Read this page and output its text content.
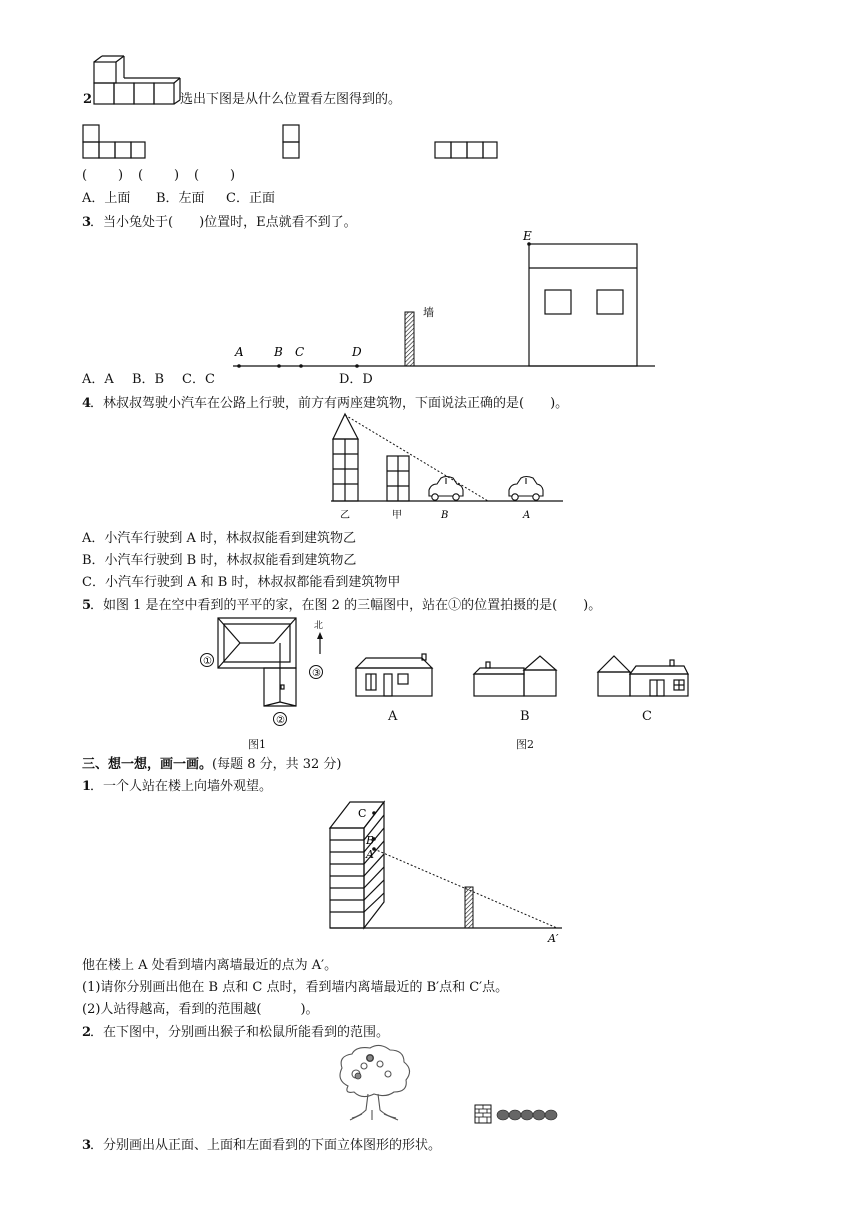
2	选出下图是从什么位置看左图得到的。
( ) ( ) ( )
A．上面 B．左面 C．正面
3
．当小兔处于(　　)位置时，E点就看不到了。
E
墙
A	B C	D
A．A B．B C．C	D．D
4
．林叔叔驾驶小汽车在公路上行驶，前方有两座建筑物，下面说法正确的是(　　)。
乙	甲	B	A
A．小汽车行驶到 A 时，林叔叔能看到建筑物乙
B．小汽车行驶到 B 时，林叔叔能看到建筑物乙
C．小汽车行驶到 A 和 B 时，林叔叔都能看到建筑物甲
5
．如图 1 是在空中看到的平平的家，在图 2 的三幅图中，站在①的位置拍摄的是(　　)。
①
②
③
北
A	B	C
图1	图2
三、想一想，画一画。(每题 8 分，共 32 分)
1
．一个人站在楼上向墙外观望。
C
B
A
A′
他在楼上 A 处看到墙内离墙最近的点为 A′。
(1)请你分别画出他在 B 点和 C 点时，看到墙内离墙最近的 B′点和 C′点。
(2)人站得越高，看到的范围越(　　　)。
2
．在下图中，分别画出猴子和松鼠所能看到的范围。
3
．分别画出从正面、上面和左面看到的下面立体图形的形状。
